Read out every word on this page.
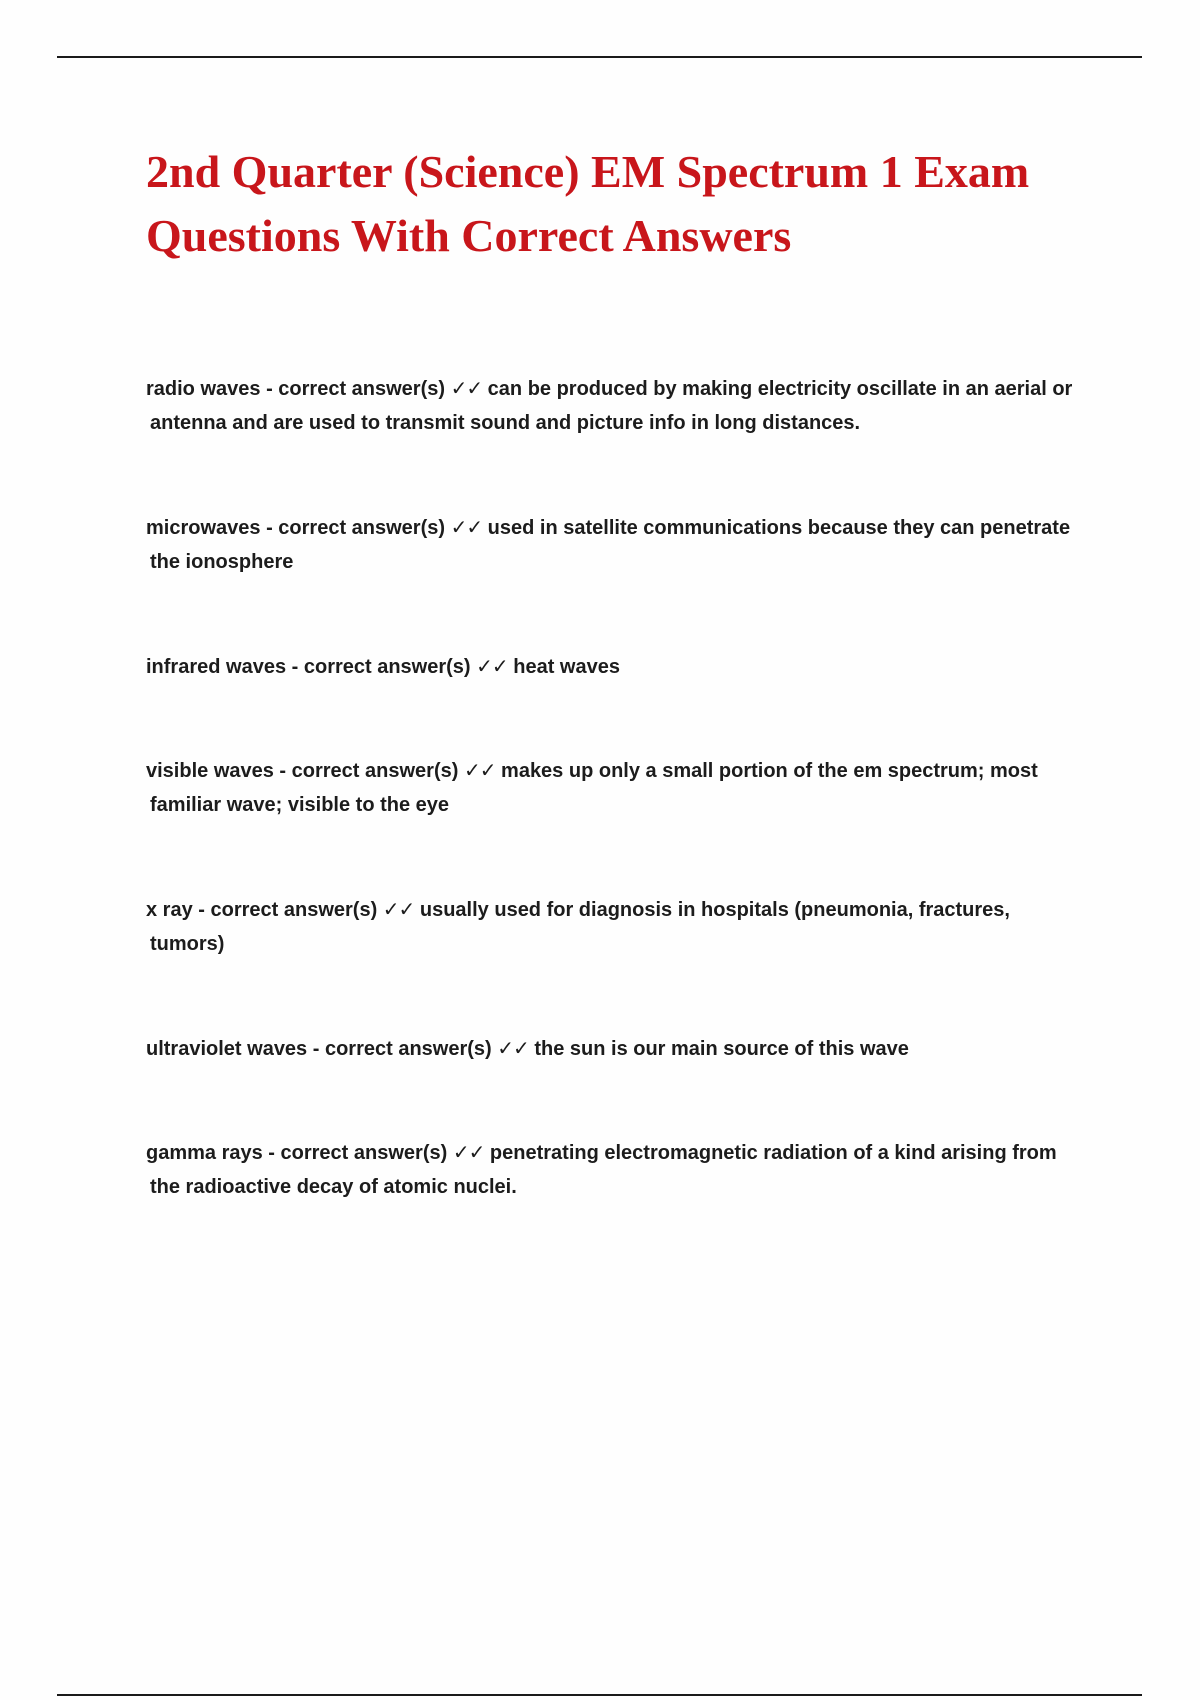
2nd Quarter (Science) EM Spectrum 1 Exam Questions With Correct Answers
radio waves - correct answer(s) ✓✓ can be produced by making electricity oscillate in an aerial or antenna and are used to transmit sound and picture info in long distances.
microwaves - correct answer(s) ✓✓ used in satellite communications because they can penetrate the ionosphere
infrared waves - correct answer(s) ✓✓ heat waves
visible waves - correct answer(s) ✓✓ makes up only a small portion of the em spectrum; most familiar wave; visible to the eye
x ray - correct answer(s) ✓✓ usually used for diagnosis in hospitals (pneumonia, fractures, tumors)
ultraviolet waves - correct answer(s) ✓✓ the sun is our main source of this wave
gamma rays - correct answer(s) ✓✓ penetrating electromagnetic radiation of a kind arising from the radioactive decay of atomic nuclei.
